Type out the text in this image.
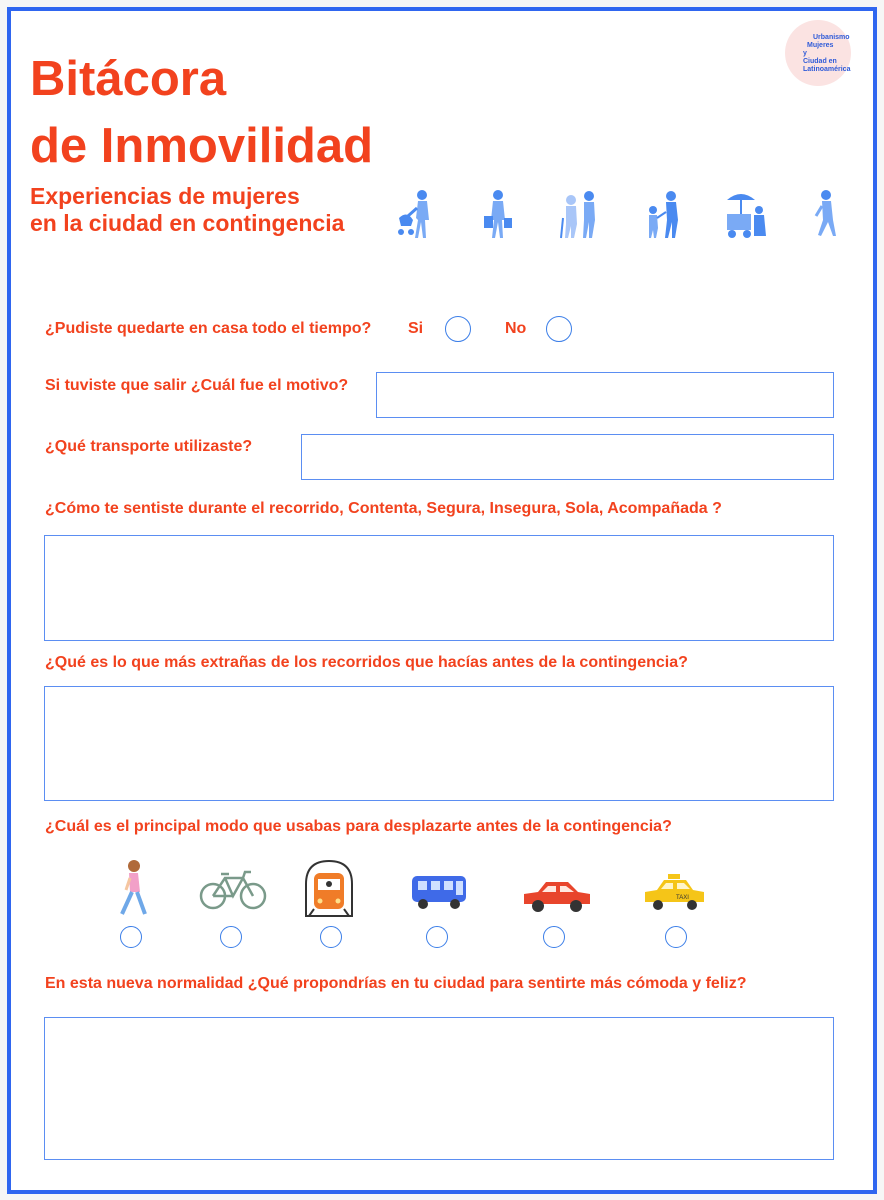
Bitácora
de Inmovilidad
Experiencias de mujeres
en la ciudad en contingencia
Urbanismo
Mujeres
y
Ciudad en
Latinoamérica
¿Pudiste quedarte en casa todo el tiempo? Si	No
Si tuviste que salir ¿Cuál fue el motivo?
¿Qué transporte utilizaste?
¿Cómo te sentiste durante el recorrido, Contenta, Segura, Insegura, Sola, Acompañada ?
¿Qué es lo que más extrañas de los recorridos que hacías antes de la contingencia?
¿Cuál es el principal modo que usabas para desplazarte antes de la contingencia?
TAXI
En esta nueva normalidad ¿Qué propondrías en tu ciudad para sentirte más cómoda y feliz?
